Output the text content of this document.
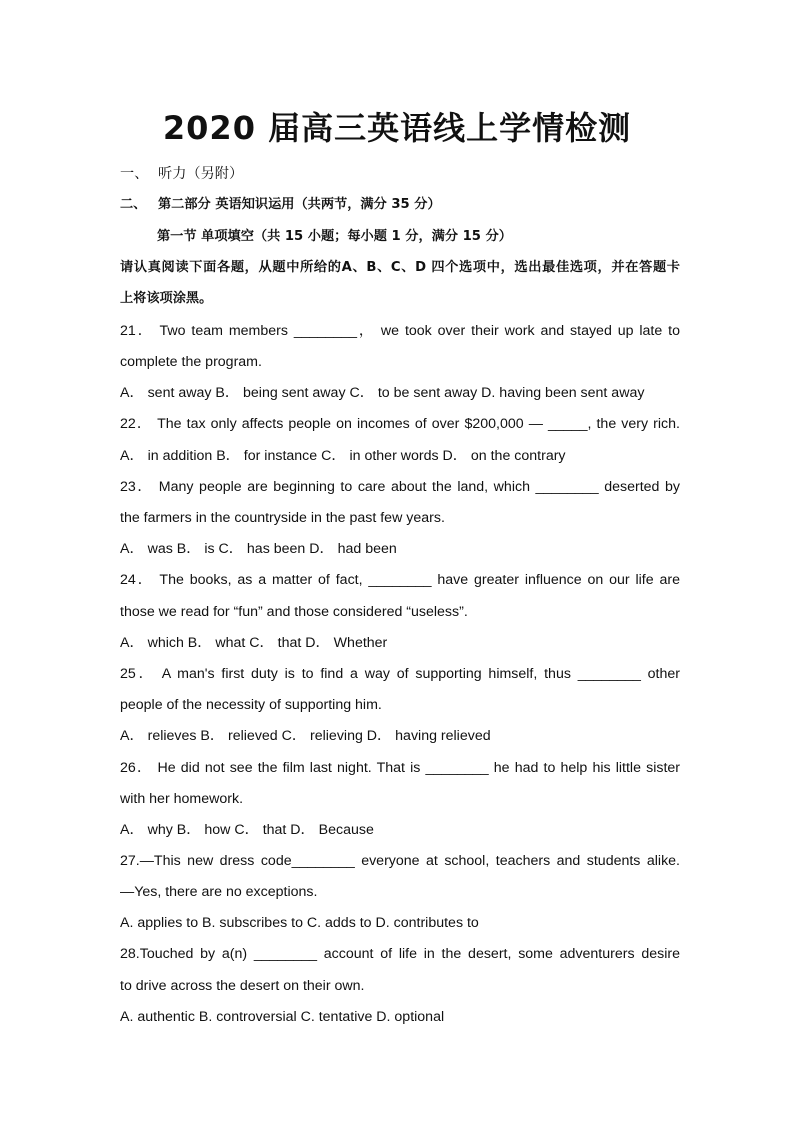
2020 届高三英语线上学情检测
一、 听力（另附）
二、 第二部分 英语知识运用（共两节，满分 35 分）
第一节 单项填空（共 15 小题；每小题 1 分，满分 15 分）
请认真阅读下面各题，从题中所给的A、B、C、D 四个选项中，选出最佳选项，并在答题卡
上将该项涂黑。
21． Two team members ________， we took over their work and stayed up late to
complete the program.
A． sent away B． being sent away C． to be sent away D. having been sent away
22． The tax only affects people on incomes of over $200,000 — _____, the very rich.
A． in addition B． for instance C． in other words D． on the contrary
23． Many people are beginning to care about the land, which ________ deserted by
the farmers in the countryside in the past few years.
A． was B． is C． has been D． had been
24． The books, as a matter of fact, ________ have greater influence on our life are
those we read for “fun” and those considered “useless”.
A． which B． what C． that D． Whether
25． A man's first duty is to find a way of supporting himself, thus ________ other
people of the necessity of supporting him.
A． relieves B． relieved C． relieving D． having relieved
26． He did not see the film last night. That is ________ he had to help his little sister
with her homework.
A． why B． how C． that D． Because
27.—This new dress code________ everyone at school, teachers and students alike.
—Yes, there are no exceptions.
A. applies to B. subscribes to C. adds to D. contributes to
28.Touched by a(n) ________ account of life in the desert, some adventurers desire
to drive across the desert on their own.
A. authentic B. controversial C. tentative D. optional
